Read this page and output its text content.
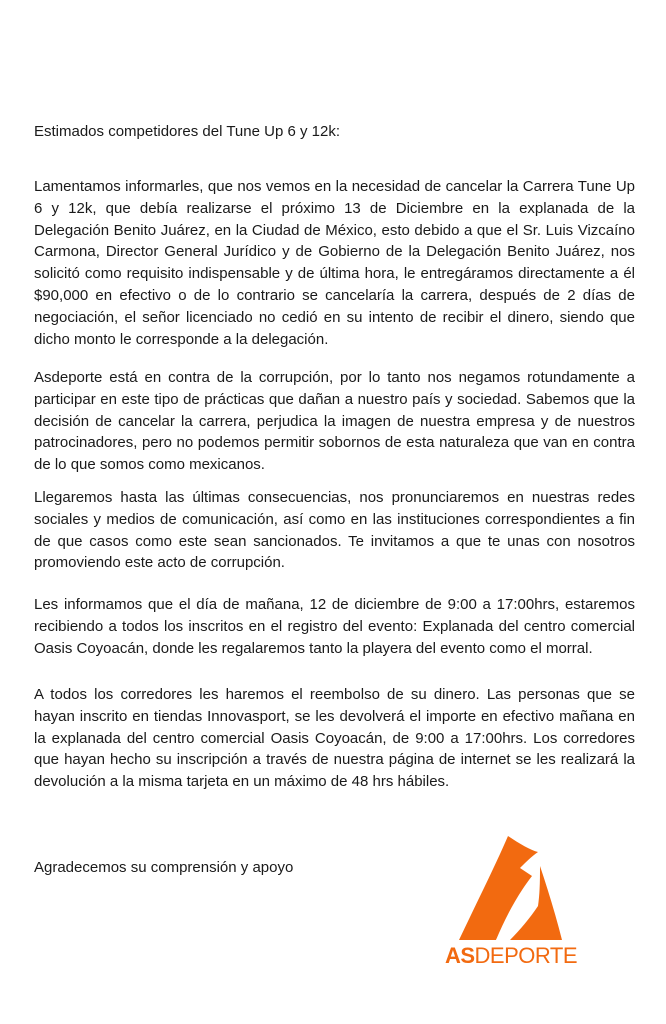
Estimados competidores del Tune Up 6 y 12k:

Lamentamos informarles, que nos vemos en la necesidad de cancelar la Carrera Tune Up 6 y 12k, que debía realizarse el próximo 13 de Diciembre en la explanada de la Delegación Benito Juárez, en la Ciudad de México, esto debido a que el Sr. Luis Vizcaíno Carmona, Director General Jurídico y de Gobierno de la Delegación Benito Juárez, nos solicitó como requisito indispensable y de última hora, le entregáramos directamente a él $90,000 en efectivo o de lo contrario se cancelaría la carrera, después de 2 días de negociación, el señor licenciado no cedió en su intento de recibir el dinero, siendo que dicho monto le corresponde a la delegación.

Asdeporte está en contra de la corrupción, por lo tanto nos negamos rotundamente a participar en este tipo de prácticas que dañan a nuestro país y sociedad. Sabemos que la decisión de cancelar la carrera, perjudica la imagen de nuestra empresa y de nuestros patrocinadores, pero no podemos permitir sobornos de esta naturaleza que van en contra de lo que somos como mexicanos.

Llegaremos hasta las últimas consecuencias, nos pronunciaremos en nuestras redes sociales y medios de comunicación, así como en las instituciones correspondientes a fin de que casos como este sean sancionados. Te invitamos a que te unas con nosotros promoviendo este acto de corrupción.

Les informamos que el día de mañana, 12 de diciembre de 9:00 a 17:00hrs, estaremos recibiendo a todos los inscritos en el registro del evento: Explanada del centro comercial Oasis Coyoacán, donde les regalaremos tanto la playera del evento como el morral.

A todos los corredores les haremos el reembolso de su dinero. Las personas que se hayan inscrito en tiendas Innovasport, se les devolverá el importe en efectivo mañana en la explanada del centro comercial Oasis Coyoacán, de 9:00 a 17:00hrs. Los corredores que hayan hecho su inscripción a través de nuestra página de internet se les realizará la devolución a la misma tarjeta en un máximo de 48 hrs hábiles.

Agradecemos su comprensión y apoyo

ASDEPORTE
